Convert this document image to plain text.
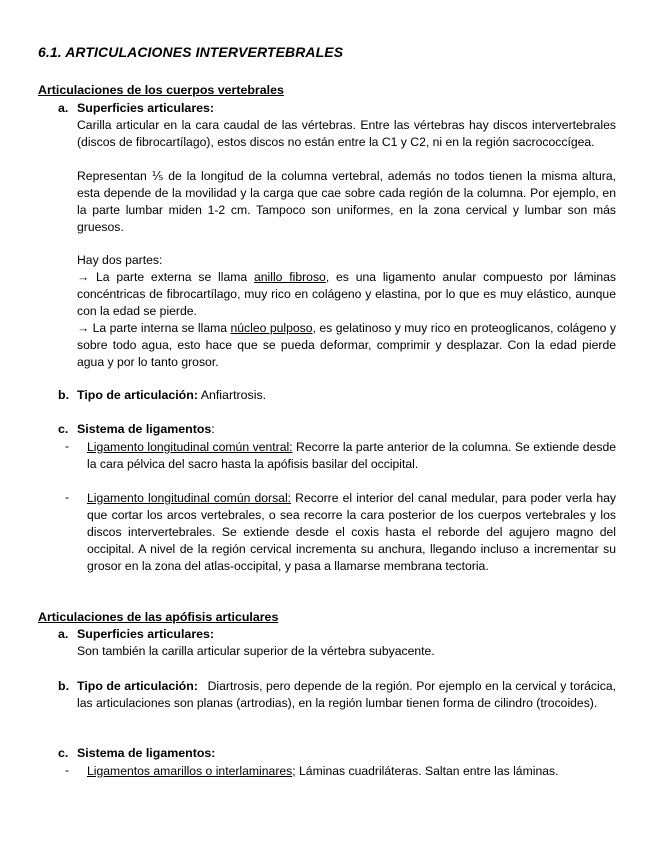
6.1. ARTICULACIONES INTERVERTEBRALES

Articulaciones de los cuerpos vertebrales

a. Superficies articulares:

Carilla articular en la cara caudal de las vértebras. Entre las vértebras hay discos intervertebrales (discos de fibrocartílago), estos discos no están entre la C1 y C2, ni en la región sacrococcígea.

Representan ⅕ de la longitud de la columna vertebral, además no todos tienen la misma altura, esta depende de la movilidad y la carga que cae sobre cada región de la columna. Por ejemplo, en la parte lumbar miden 1-2 cm. Tampoco son uniformes, en la zona cervical y lumbar son más gruesos.

Hay dos partes:

→ La parte externa se llama anillo fibroso, es una ligamento anular compuesto por láminas concéntricas de fibrocartílago, muy rico en colágeno y elastina, por lo que es muy elástico, aunque con la edad se pierde.

→ La parte interna se llama núcleo pulposo, es gelatinoso y muy rico en proteoglicanos, colágeno y sobre todo agua, esto hace que se pueda deformar, comprimir y desplazar. Con la edad pierde agua y por lo tanto grosor.

b. Tipo de articulación: Anfiartrosis.

c. Sistema de ligamentos:

- Ligamento longitudinal común ventral: Recorre la parte anterior de la columna. Se extiende desde la cara pélvica del sacro hasta la apófisis basilar del occipital.

- Ligamento longitudinal común dorsal: Recorre el interior del canal medular, para poder verla hay que cortar los arcos vertebrales, o sea recorre la cara posterior de los cuerpos vertebrales y los discos intervertebrales. Se extiende desde el coxis hasta el reborde del agujero magno del occipital. A nivel de la región cervical incrementa su anchura, llegando incluso a incrementar su grosor en la zona del atlas-occipital, y pasa a llamarse membrana tectoria.

Articulaciones de las apófisis articulares

a. Superficies articulares:

Son también la carilla articular superior de la vértebra subyacente.

b. Tipo de articulación: Diartrosis, pero depende de la región. Por ejemplo en la cervical y torácica, las articulaciones son planas (artrodias), en la región lumbar tienen forma de cilindro (trocoides).

c. Sistema de ligamentos:

- Ligamentos amarillos o interlaminares; Láminas cuadriláteras. Saltan entre las láminas.
